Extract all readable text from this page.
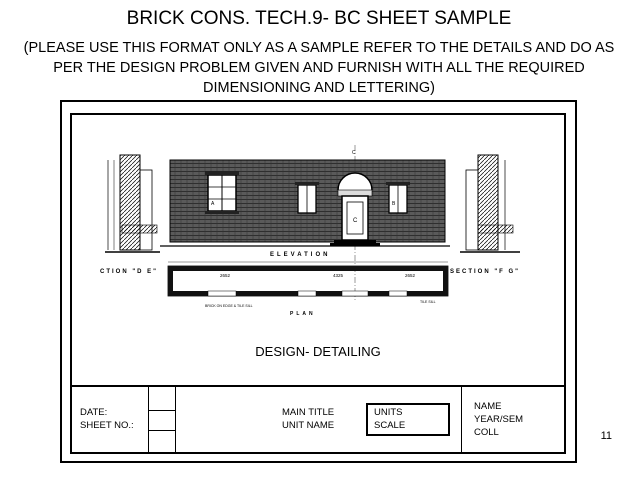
BRICK CONS. TECH.9- BC SHEET SAMPLE
(PLEASE USE THIS FORMAT ONLY AS A SAMPLE REFER TO THE DETAILS AND DO AS PER THE DESIGN PROBLEM GIVEN AND FURNISH WITH ALL THE REQUIRED DIMENSIONING AND LETTERING)
CTION "D E"
C
A
C
B
ELEVATION
2652	4325	2652
BRICK ON EDGE & TILE SILL
TILE SILL
PLAN
SECTION "F G"
DESIGN- DETAILING
DATE:
SHEET NO.:
MAIN TITLE
UNIT NAME
UNITS
SCALE
NAME
YEAR/SEM
COLL	11
